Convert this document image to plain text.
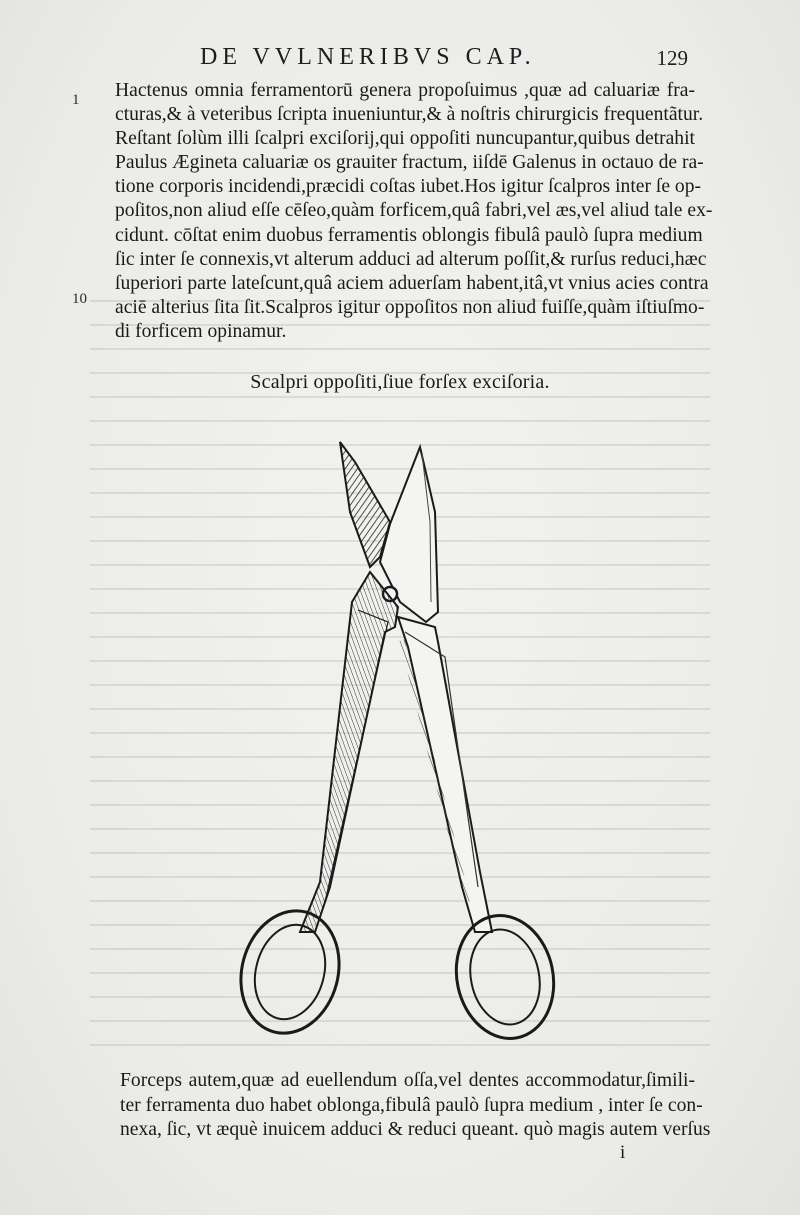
DE VVLNERIBVS CAP.	129
1
10
Hactenus omnia ferramentorū genera propoſuimus ,quæ ad caluariæ fra-
cturas,& à veteribus ſcripta inueniuntur,& à noſtris chirurgicis frequentãtur.
Reſtant ſolùm illi ſcalpri exciſorij,qui oppoſiti nuncupantur,quibus detrahit
Paulus Ægineta caluariæ os grauiter fractum, iiſdē Galenus in octauo de ra-
tione corporis incidendi,præcidi coſtas iubet.Hos igitur ſcalpros inter ſe op-
poſitos,non aliud eſſe cēſeo,quàm forficem,quâ fabri,vel æs,vel aliud tale ex-
cidunt. cōſtat enim duobus ferramentis oblongis fibulâ paulò ſupra medium
ſic inter ſe connexis,vt alterum adduci ad alterum poſſit,& rurſus reduci,hæc
ſuperiori parte lateſcunt,quâ aciem aduerſam habent,itâ,vt vnius acies contra
aciē alterius ſita ſit.Scalpros igitur oppoſitos non aliud fuiſſe,quàm iſtiuſmo-
di forficem opinamur.
Scalpri oppoſiti,ſiue forſex exciſoria.
Forceps autem,quæ ad euellendum oſſa,vel dentes accommodatur,ſimili-
ter ferramenta duo habet oblonga,fibulâ paulò ſupra medium , inter ſe con-
nexa, ſic, vt æquè inuicem adduci & reduci queant. quò magis autem verſus
i
